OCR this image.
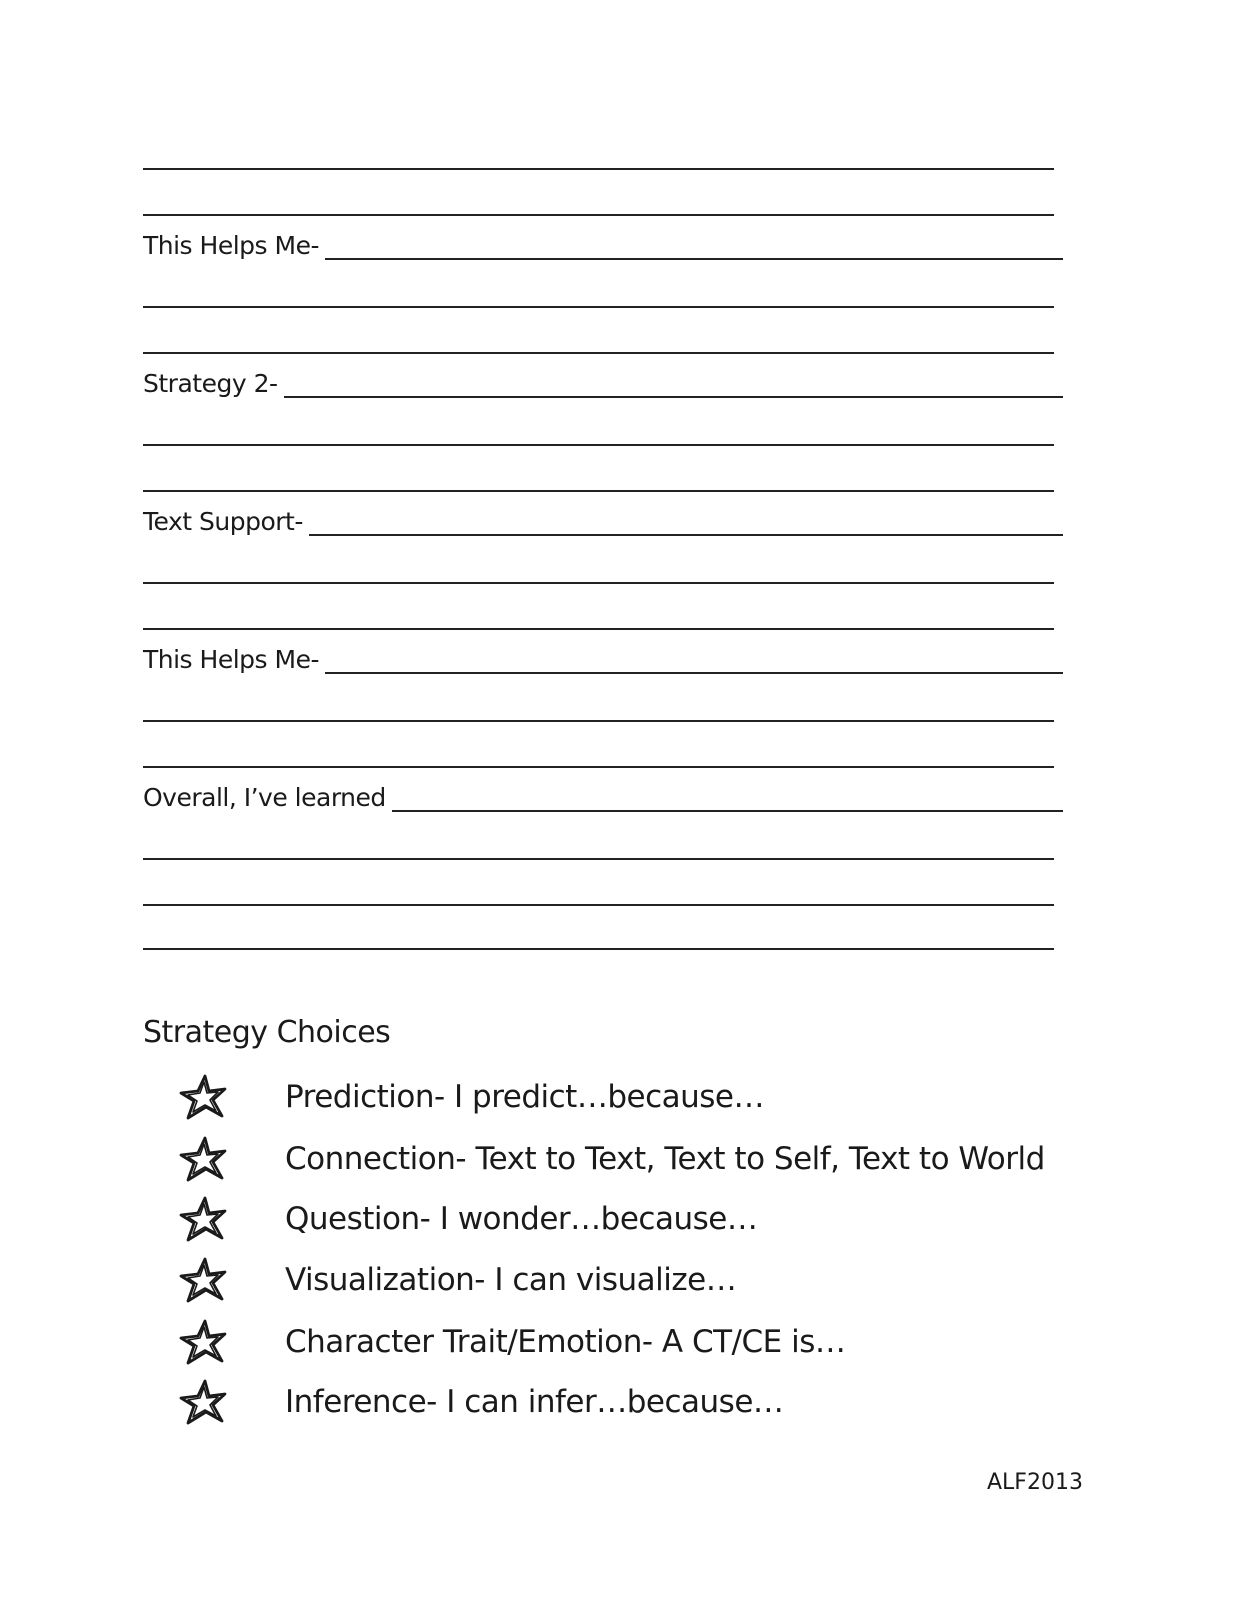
This Helps Me-
Strategy 2-
Text Support-
This Helps Me-
Overall, I’ve learned
Strategy Choices
Prediction- I predict…because…
Connection- Text to Text, Text to Self, Text to World
Question- I wonder…because…
Visualization- I can visualize…
Character Trait/Emotion- A CT/CE is…
Inference- I can infer…because…
ALF2013
